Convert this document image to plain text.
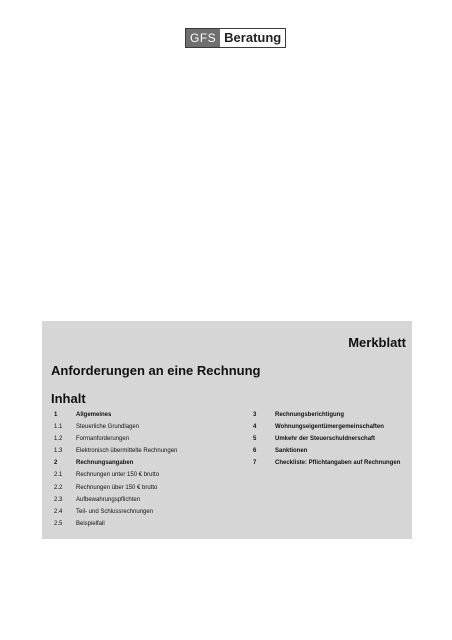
GFS Beratung
Merkblatt
Anforderungen an eine Rechnung
Inhalt
1	Allgemeines
1.1	Steuerliche Grundlagen
1.2	Formanforderungen
1.3	Elektronisch übermittelte Rechnungen
2	Rechnungsangaben
2.1	Rechnungen unter 150 € brutto
2.2	Rechnungen über 150 € brutto
2.3	Aufbewahrungspflichten
2.4	Teil- und Schlussrechnungen
2.5	Beispielfall
3	Rechnungsberichtigung
4	Wohnungseigentümergemeinschaften
5	Umkehr der Steuerschuldnerschaft
6	Sanktionen
7	Checkliste: Pflichtangaben auf Rechnungen
